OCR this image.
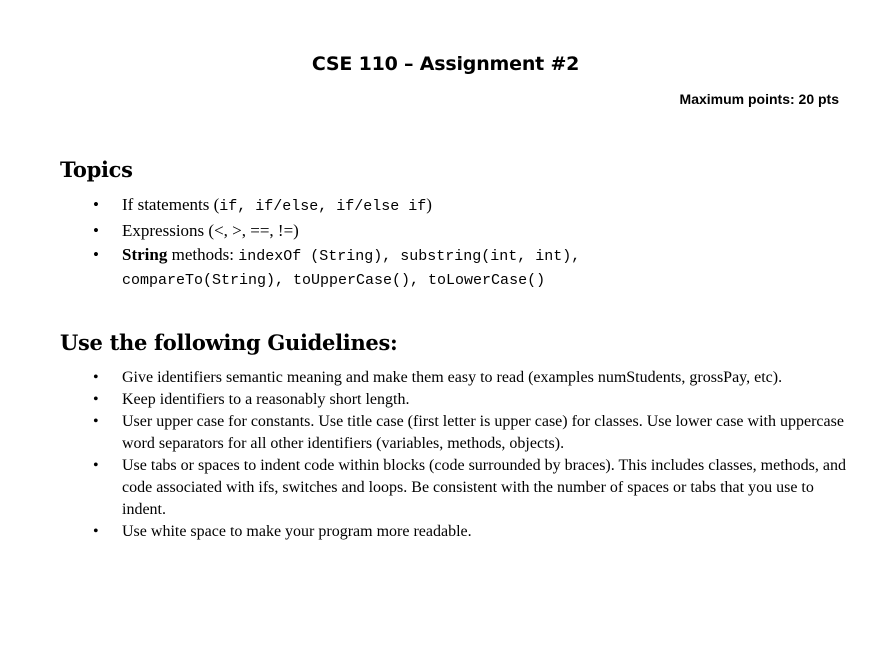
CSE 110 – Assignment #2
Maximum points: 20 pts
Topics
• If statements (if, if/else, if/else if)
• Expressions (<, >, ==, !=)
• String methods: indexOf (String), substring(int, int),
compareTo(String), toUpperCase(), toLowerCase()
Use the following Guidelines:
• Give identifiers semantic meaning and make them easy to read (examples numStudents, grossPay, etc).
• Keep identifiers to a reasonably short length.
• User upper case for constants. Use title case (first letter is upper case) for classes. Use lower case with uppercase word separators for all other identifiers (variables, methods, objects).
• Use tabs or spaces to indent code within blocks (code surrounded by braces). This includes classes, methods, and code associated with ifs, switches and loops. Be consistent with the number of spaces or tabs that you use to indent.
• Use white space to make your program more readable.
